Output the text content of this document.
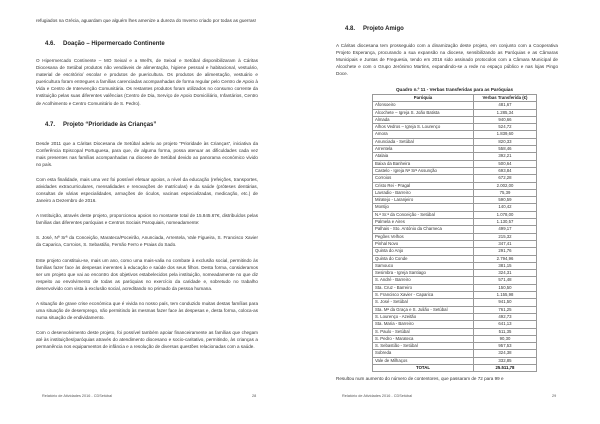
refugiados na Grécia, aguardam que alguém lhes amenize a dureza do Inverno criado por todas as guerras!

4.6. Doação – Hipermercado Continente

O Hipermercado Continente – MO Seixal e a Well's, de Seixal e Setúbal disponibilizaram à Cáritas Diocesana de Setúbal produtos não vendáveis de alimentação, higiene pessoal e habitacional, vestuário, material de escritório/ escolar e produtos de puericultura. Os produtos de alimentação, vestuário e puericultura foram entregues a famílias carenciadas acompanhadas de forma regular pelo Centro de Apoio à Vida e Centro de Intervenção Comunitária. Os restantes produtos foram utilizados no consumo corrente da Instituição pelas suas diferentes valências (Centro de Dia, Serviço de Apoio Domiciliário, Infantários, Centro de Acolhimento e Centro Comunitário de S. Pedro).

4.7. Projeto “Prioridade às Crianças”

Desde 2011 que a Cáritas Diocesana de Setúbal aderiu ao projeto “Prioridade às Crianças”, iniciativa da Conferência Episcopal Portuguesa, para que, de alguma forma, possa atenuar as dificuldades cada vez mais presentes nas famílias acompanhadas na diocese de Setúbal devido ao panorama económico vivido no país.

Com esta finalidade, mais uma vez foi possível efetuar apoios, a nível da educação (refeições, transportes, atividades extracurriculares, mensalidades e renovações de matrículas) e da saúde (próteses dentárias, consultas de várias especialidades, armações de óculos, vacinas especializadas, medicação, etc.) de Janeiro a Dezembro de 2016.

A Instituição, através deste projeto, proporcionou apoios no montante total de 15.845.67€, distribuídos pelas famílias das diferentes paróquias e Centros Sociais Paroquiais, nomeadamente:

S. José, Nª Srª da Conceição, Marateca/Poceirão, Anunciada, Arrentela, Vale Figueira, S. Francisco Xavier da Caparica, Corroios, S. Sebastião, Fernão Ferro e Praias do Sado.

Este projeto constituiu-se, mais um ano, como uma mais-valia no combate à exclusão social, permitindo às famílias fazer face às despesas inerentes à educação e saúde dos seus filhos. Desta forma, consideramos ser um projeto que vai ao encontro dos objetivos estabelecidos pela instituição, nomeadamente no que diz respeito ao envolvimento de todas as paróquias no exercício da caridade e, sobretudo no trabalho desenvolvido com vista à exclusão social, acreditando no primado da pessoa humana.

A situação de grave crise económica que é vivida no nosso país, tem conduzido muitas destas famílias para uma situação de desemprego, não permitindo às mesmas fazer face às despesas e, desta forma, coloca-as numa situação de endividamento.

Com o desenvolvimento deste projeto, foi possível também apoiar financeiramente as famílias que chegam até às instituições/paróquias através do atendimento diocesano e socio-caritativo, permitindo, às crianças a permanência nos equipamentos de infância e a resolução de diversas questões relacionadas com a saúde.

Relatório de Atividades 2016 - CDSetúbal	28
4.8. Projeto Amigo

A Cáritas diocesana tem prosseguido com a dinamização deste projeto, em conjunto com a Cooperativa Projeto Esperança, procurando a sua expansão na diocese, sensibilizando as Paróquias e as Câmaras Municipais e Juntas de Freguesia, tendo em 2016 sido assinado protocolos com a Câmara Municipal de Alcochete e com o Grupo Jerónimo Martins, expandindo-se a rede no espaço público e nas lojas Pingo Doce.

Quadro n.º 11 - Verbas transferidas para as Paróquias
Paróquia	Verbas Transferida (€)
Afonsoeiro	481,67
Alcochete – Igreja S. João Batista	1.285,34
Almada	940,66
Alhos Vedros – Igreja S. Lourenço	524,72
Amora	1.839,60
Anunciada - Setúbal	820,33
Arrentela	558,46
Atalaia	392,21
Baixa da Banheira	500,64
Castelo - Igreja Nª Srª Assunção	693,84
Corroios	672,28
Cristo Rei - Pragal	2.002,00
Lavradio - Barreiro	75,39
Miratejo - Laranjeiro	590,59
Montijo	140,42
N.ª Sr.ª da Conceição - Setúbal	1.078,00
Palmela e Aires	1.130,57
Palhais - Sto. António da Charneca	499,17
Pegões Velhos	215,32
Pinhal Novo	347,41
Quinta do Anjo	291,76
Quinta do Conde	2.794,96
Samouco	381,15
Sesimbra - Igreja Santiago	324,31
S. André - Barreiro	571,48
Sta. Cruz - Barreiro	150,50
S. Francisco Xavier - Caparica	1.155,98
S. José - Setúbal	941,50
Sta. Mª da Graça e S. Julião - Setúbal	761,25
S. Lourenço - Azeitão	492,73
Sta. Maria - Barreiro	641,13
S. Paulo - Setúbal	511,35
S. Pedro - Marateca	90,30
S. Sebastião - Setúbal	957,53
Sobreda	324,38
Vale de Milhaços	332,85
TOTAL	25.511,78

Resultou num aumento do número de contentores, que passaram de 72 para 99 e

Relatório de Atividades 2016 - CDSetúbal	29
